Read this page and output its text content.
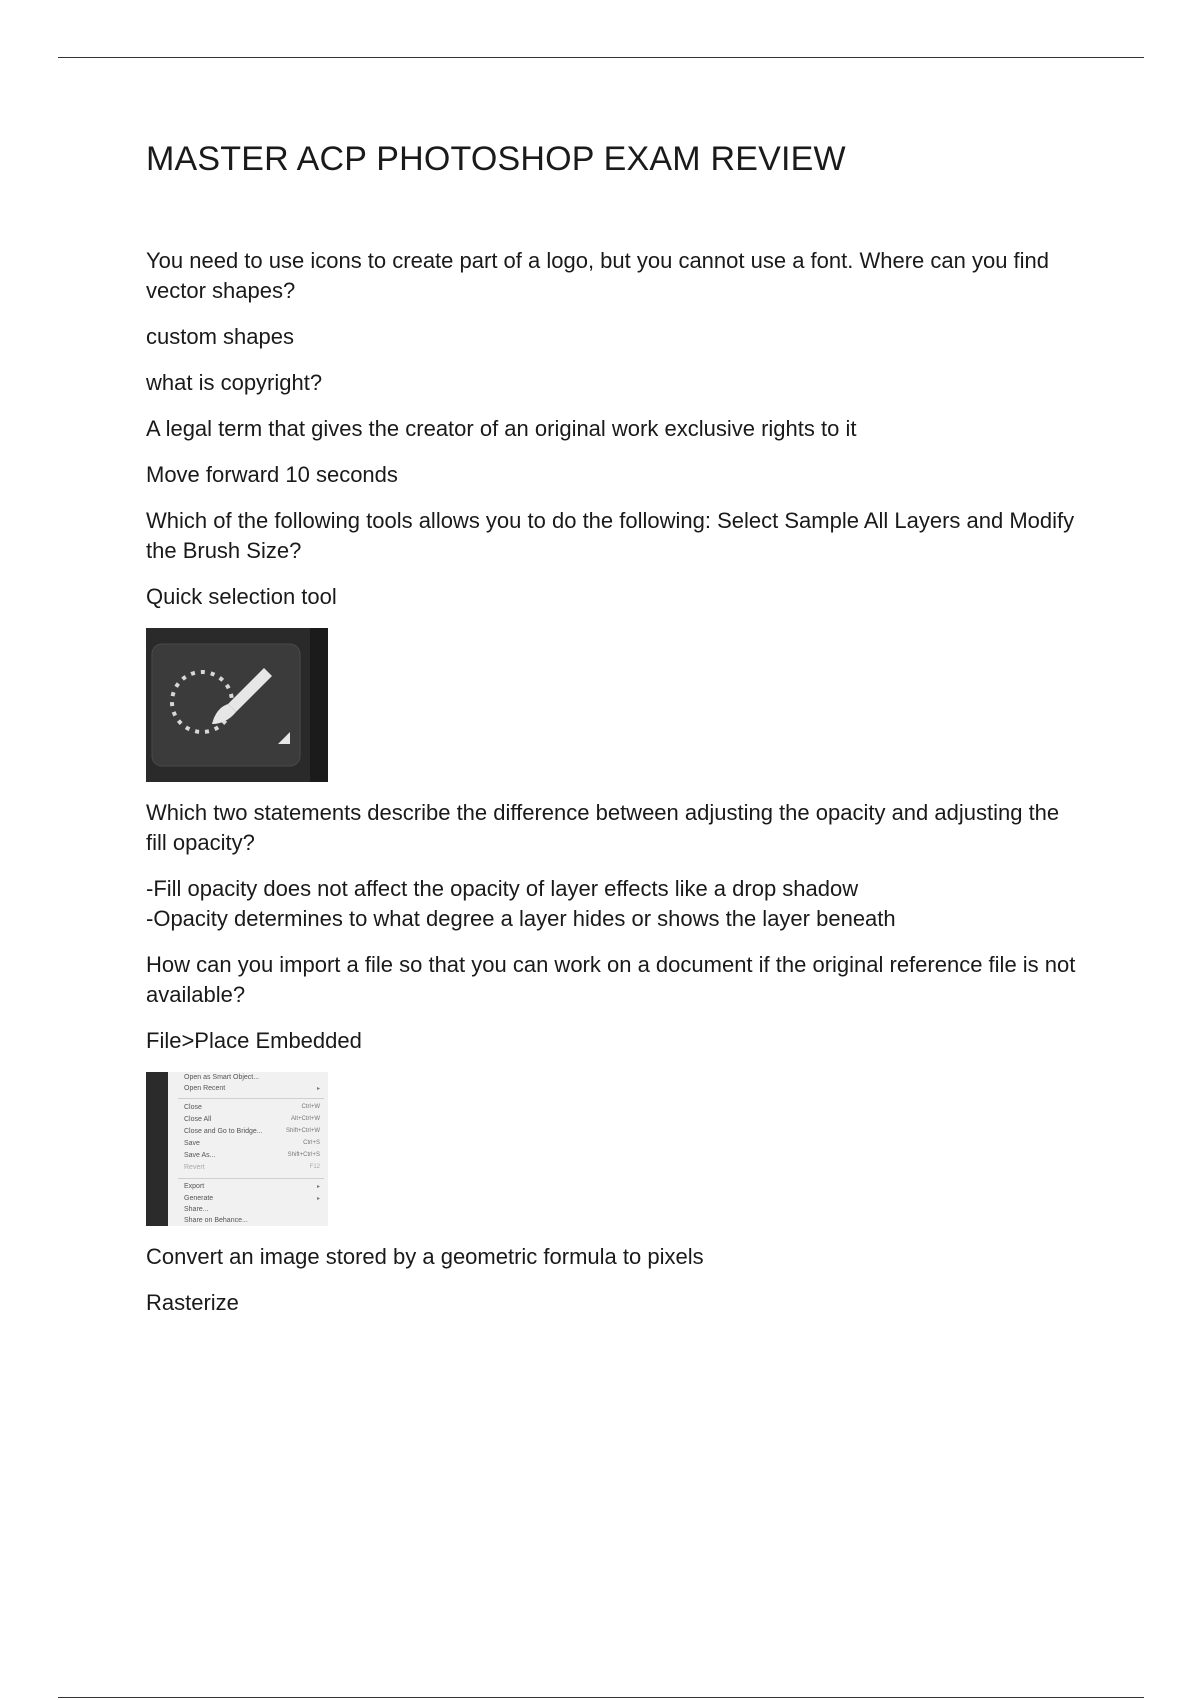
MASTER ACP PHOTOSHOP EXAM REVIEW

You need to use icons to create part of a logo, but you cannot use a font. Where can you find vector shapes?

custom shapes

what is copyright?

A legal term that gives the creator of an original work exclusive rights to it

Move forward 10 seconds

Which of the following tools allows you to do the following: Select Sample All Layers and Modify the Brush Size?

Quick selection tool

Which two statements describe the difference between adjusting the opacity and adjusting the fill opacity?

-Fill opacity does not affect the opacity of layer effects like a drop shadow
-Opacity determines to what degree a layer hides or shows the layer beneath

How can you import a file so that you can work on a document if the original reference file is not available?

File>Place Embedded

Open as Smart Object...
Open Recent	▸
Close	Ctrl+W
Close All	Alt+Ctrl+W
Close and Go to Bridge...	Shift+Ctrl+W
Save	Ctrl+S
Save As...	Shift+Ctrl+S
Revert	F12
Export	▸
Generate	▸
Share...
Share on Behance...

Convert an image stored by a geometric formula to pixels

Rasterize
